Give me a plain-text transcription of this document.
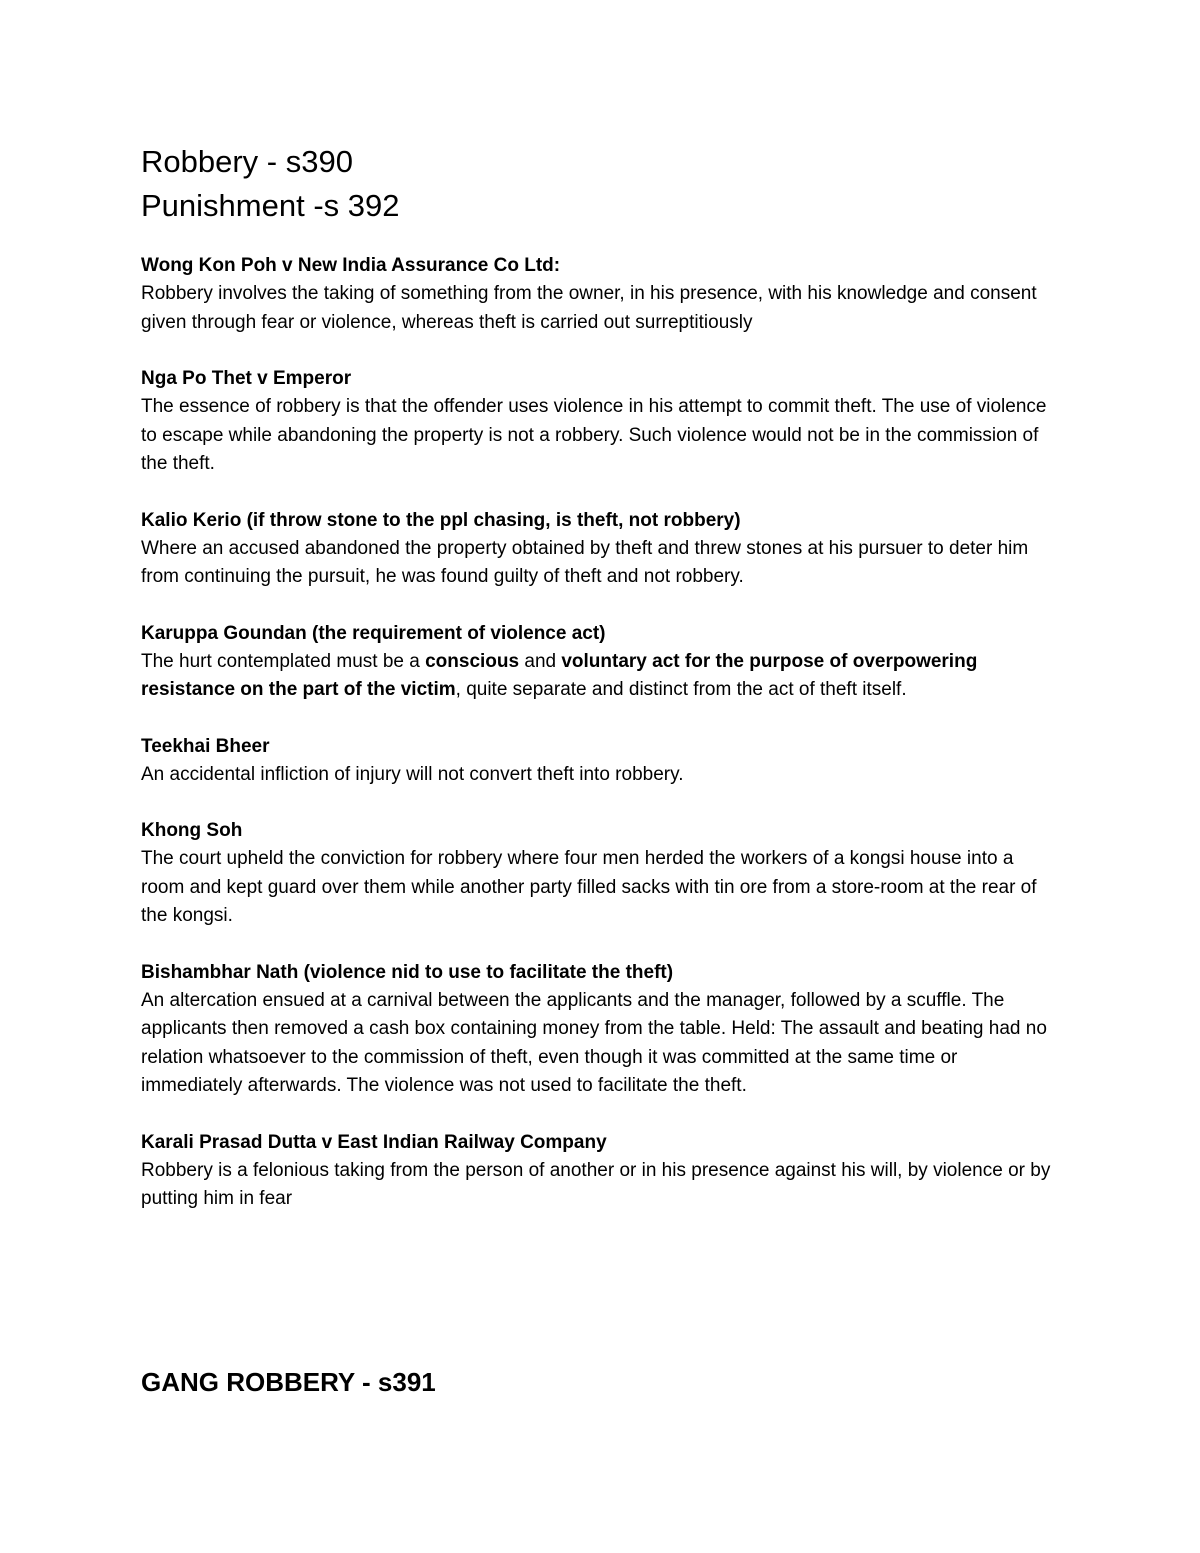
Robbery - s390

Punishment -s 392

Wong Kon Poh v New India Assurance Co Ltd:

Robbery involves the taking of something from the owner, in his presence, with his knowledge and consent given through fear or violence, whereas theft is carried out surreptitiously

Nga Po Thet v Emperor

The essence of robbery is that the offender uses violence in his attempt to commit theft. The use of violence to escape while abandoning the property is not a robbery. Such violence would not be in the commission of the theft.

Kalio Kerio (if throw stone to the ppl chasing, is theft, not robbery)

Where an accused abandoned the property obtained by theft and threw stones at his pursuer to deter him from continuing the pursuit, he was found guilty of theft and not robbery.

Karuppa Goundan (the requirement of violence act)

The hurt contemplated must be a conscious and voluntary act for the purpose of overpowering resistance on the part of the victim, quite separate and distinct from the act of theft itself.

Teekhai Bheer

An accidental infliction of injury will not convert theft into robbery.

Khong Soh

The court upheld the conviction for robbery where four men herded the workers of a kongsi house into a room and kept guard over them while another party filled sacks with tin ore from a store-room at the rear of the kongsi.

Bishambhar Nath (violence nid to use to facilitate the theft)

An altercation ensued at a carnival between the applicants and the manager, followed by a scuffle. The applicants then removed a cash box containing money from the table. Held: The assault and beating had no relation whatsoever to the commission of theft, even though it was committed at the same time or immediately afterwards. The violence was not used to facilitate the theft.

Karali Prasad Dutta v East Indian Railway Company

Robbery is a felonious taking from the person of another or in his presence against his will, by violence or by putting him in fear

GANG ROBBERY - s391
